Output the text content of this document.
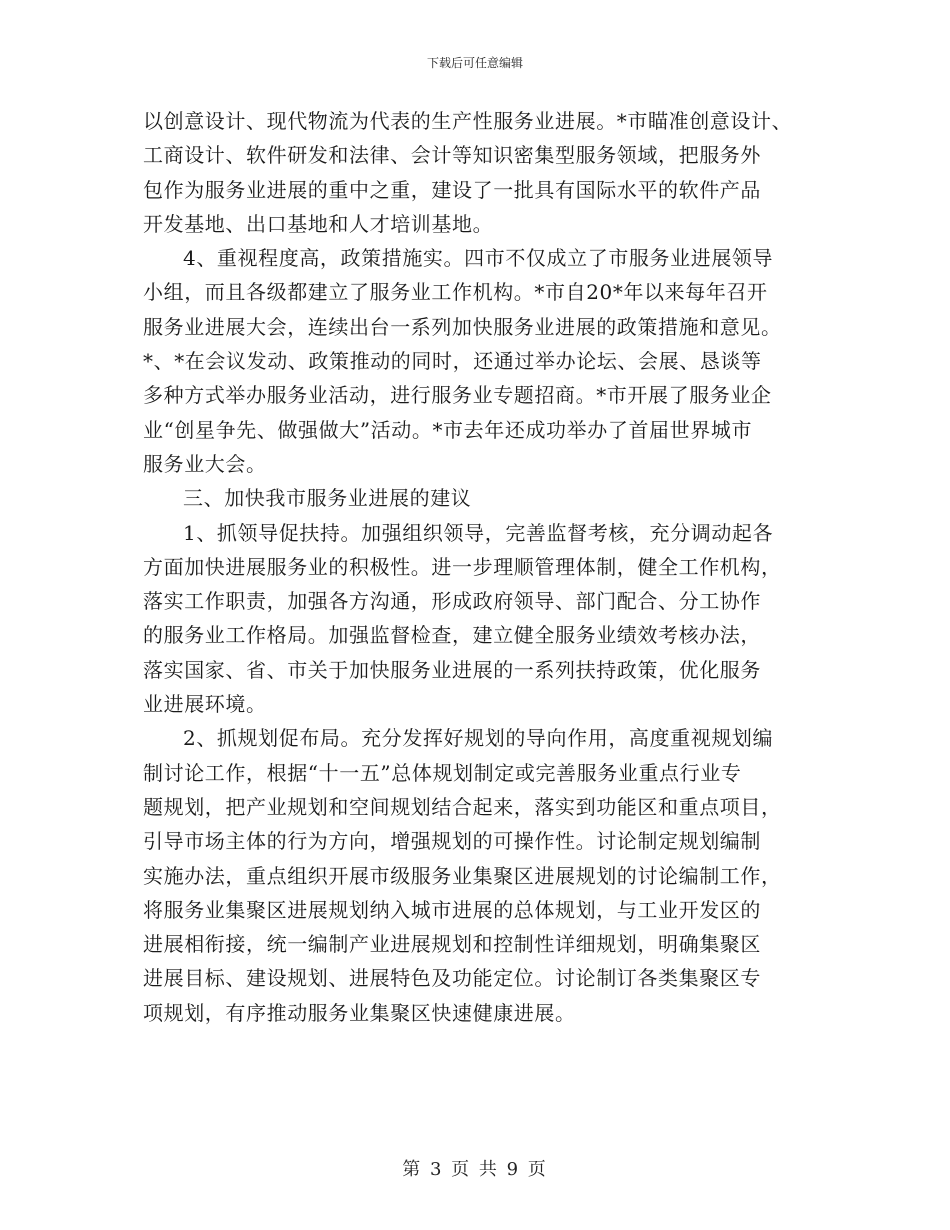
下载后可任意编辑
以创意设计、现代物流为代表的生产性服务业进展。*市瞄准创意设计、
工商设计、软件研发和法律、会计等知识密集型服务领域，把服务外
包作为服务业进展的重中之重，建设了一批具有国际水平的软件产品
开发基地、出口基地和人才培训基地。
4、重视程度高，政策措施实。四市不仅成立了市服务业进展领导
小组，而且各级都建立了服务业工作机构。*市自20*年以来每年召开
服务业进展大会，连续出台一系列加快服务业进展的政策措施和意见。
*、*在会议发动、政策推动的同时，还通过举办论坛、会展、恳谈等
多种方式举办服务业活动，进行服务业专题招商。*市开展了服务业企
业“创星争先、做强做大”活动。*市去年还成功举办了首届世界城市
服务业大会。
三、加快我市服务业进展的建议
1、抓领导促扶持。加强组织领导，完善监督考核，充分调动起各
方面加快进展服务业的积极性。进一步理顺管理体制，健全工作机构，
落实工作职责，加强各方沟通，形成政府领导、部门配合、分工协作
的服务业工作格局。加强监督检查，建立健全服务业绩效考核办法，
落实国家、省、市关于加快服务业进展的一系列扶持政策，优化服务
业进展环境。
2、抓规划促布局。充分发挥好规划的导向作用，高度重视规划编
制讨论工作，根据“十一五”总体规划制定或完善服务业重点行业专
题规划，把产业规划和空间规划结合起来，落实到功能区和重点项目，
引导市场主体的行为方向，增强规划的可操作性。讨论制定规划编制
实施办法，重点组织开展市级服务业集聚区进展规划的讨论编制工作，
将服务业集聚区进展规划纳入城市进展的总体规划，与工业开发区的
进展相衔接，统一编制产业进展规划和控制性详细规划，明确集聚区
进展目标、建设规划、进展特色及功能定位。讨论制订各类集聚区专
项规划，有序推动服务业集聚区快速健康进展。
第 3 页 共 9 页
